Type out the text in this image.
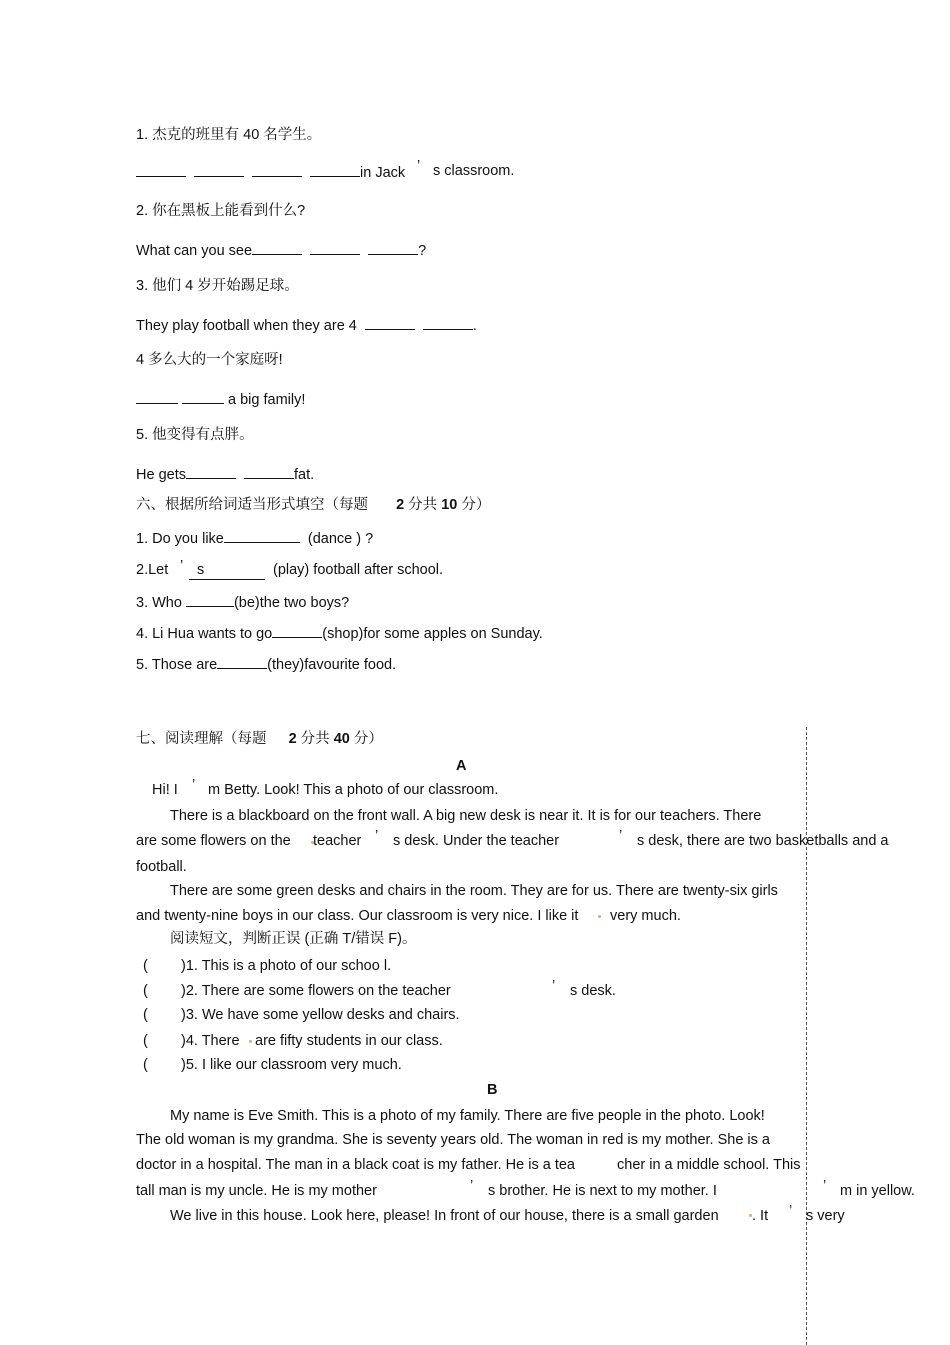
1. 杰克的班里有 40 名学生。
in Jack ’ s classroom.
2. 你在黑板上能看到什么?
What can you see	?
3. 他们 4 岁开始踢足球。
They play football when they are 4	.
4 多么大的一个家庭呀!
a big family!
5. 他变得有点胖。
He gets	fat.
六、根据所给词适当形式填空（每题 2 分共 10 分）
1. Do you like	(dance ) ?
2.Let ’ s	(play) football after school.
3. Who	(be)the two boys?
4. Li Hua wants to go	(shop)for some apples on Sunday.
5. Those are	(they)favourite food.
七、阅读理解（每题 2 分共 40 分）
A
Hi! I ’ m Betty. Look! This a photo of our classroom.
There is a blackboard on the front wall. A big new desk is near it. It is for our teachers. There
are some flowers on the teacher ’ s desk. Under the teacher	’ s desk, there are two basketballs and a
football.
There are some green desks and chairs in the room. They are for us. There are twenty-six girls
and twenty-nine boys in our class. Our classroom is very nice. I like it very much.
阅读短文，判断正误 (正确 T/错误 F)。
( )1. This is a photo of our schoo l.
( )2. There are some flowers on the teacher	’ s desk.
( )3. We have some yellow desks and chairs.
( )4. There are fifty students in our class.
( )5. I like our classroom very much.
B
My name is Eve Smith. This is a photo of my family. There are five people in the photo. Look!
The old woman is my grandma. She is seventy years old. The woman in red is my mother. She is a
doctor in a hospital. The man in a black coat is my father. He is a tea	cher in a middle school. This
tall man is my uncle. He is my mother	’ s brother. He is next to my mother. I	’ m in yellow.
We live in this house. Look here, please! In front of our house, there is a small garden . It ’ s very
